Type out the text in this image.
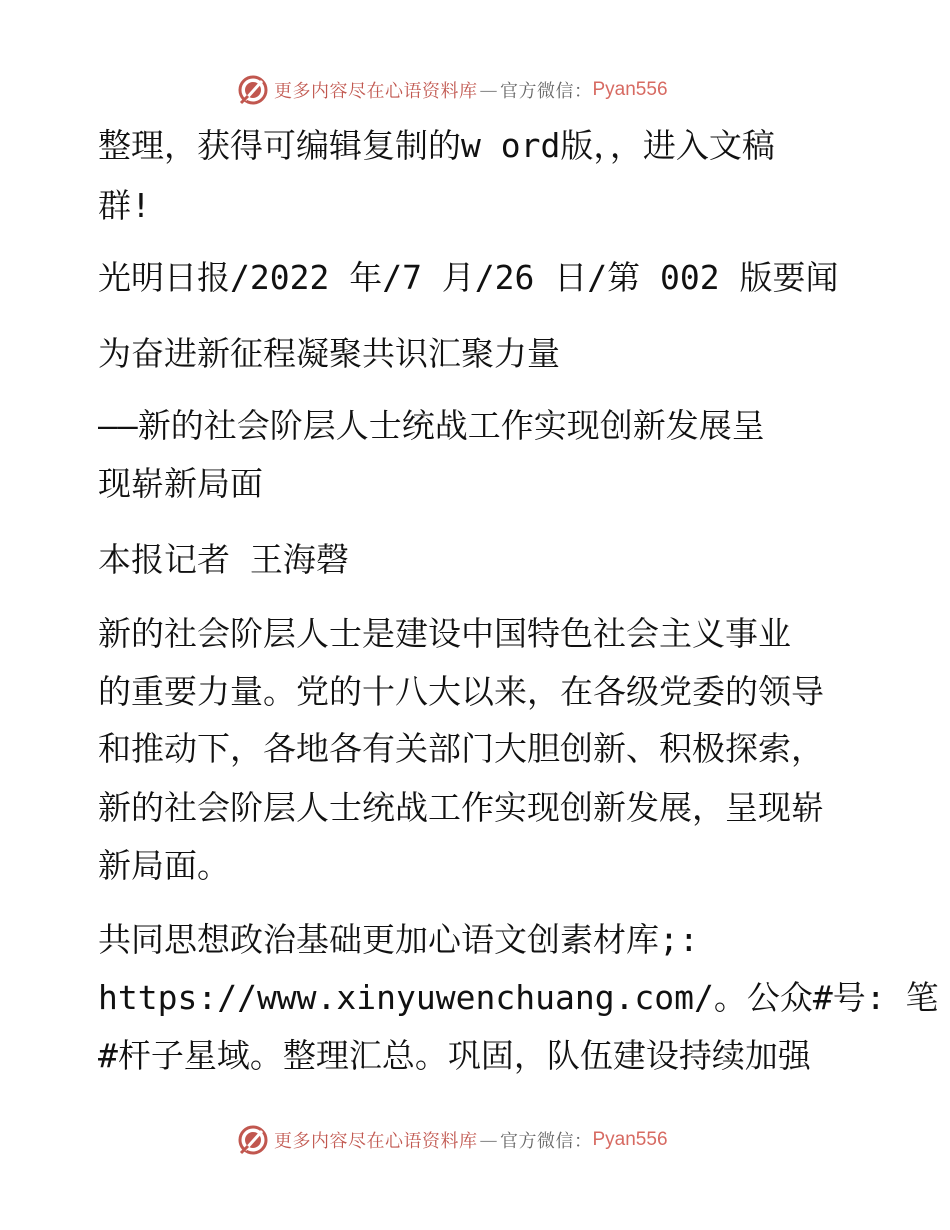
更多内容尽在心语资料库 — 官方微信： Pyan556
整理，获得可编辑复制的w ord版，，进入文稿
群!
光明日报/2022 年/7 月/26 日/第 002 版要闻
为奋进新征程凝聚共识汇聚力量
——新的社会阶层人士统战工作实现创新发展呈
现崭新局面
本报记者 王海磬
新的社会阶层人士是建设中国特色社会主义事业
的重要力量。党的十八大以来，在各级党委的领导
和推动下，各地各有关部门大胆创新、积极探索，
新的社会阶层人士统战工作实现创新发展，呈现崭
新局面。
共同思想政治基础更加心语文创素材库;:
https://www.xinyuwenchuang.com/。公众#号: 笔
#杆子星域。整理汇总。巩固，队伍建设持续加强
更多内容尽在心语资料库 — 官方微信： Pyan556
